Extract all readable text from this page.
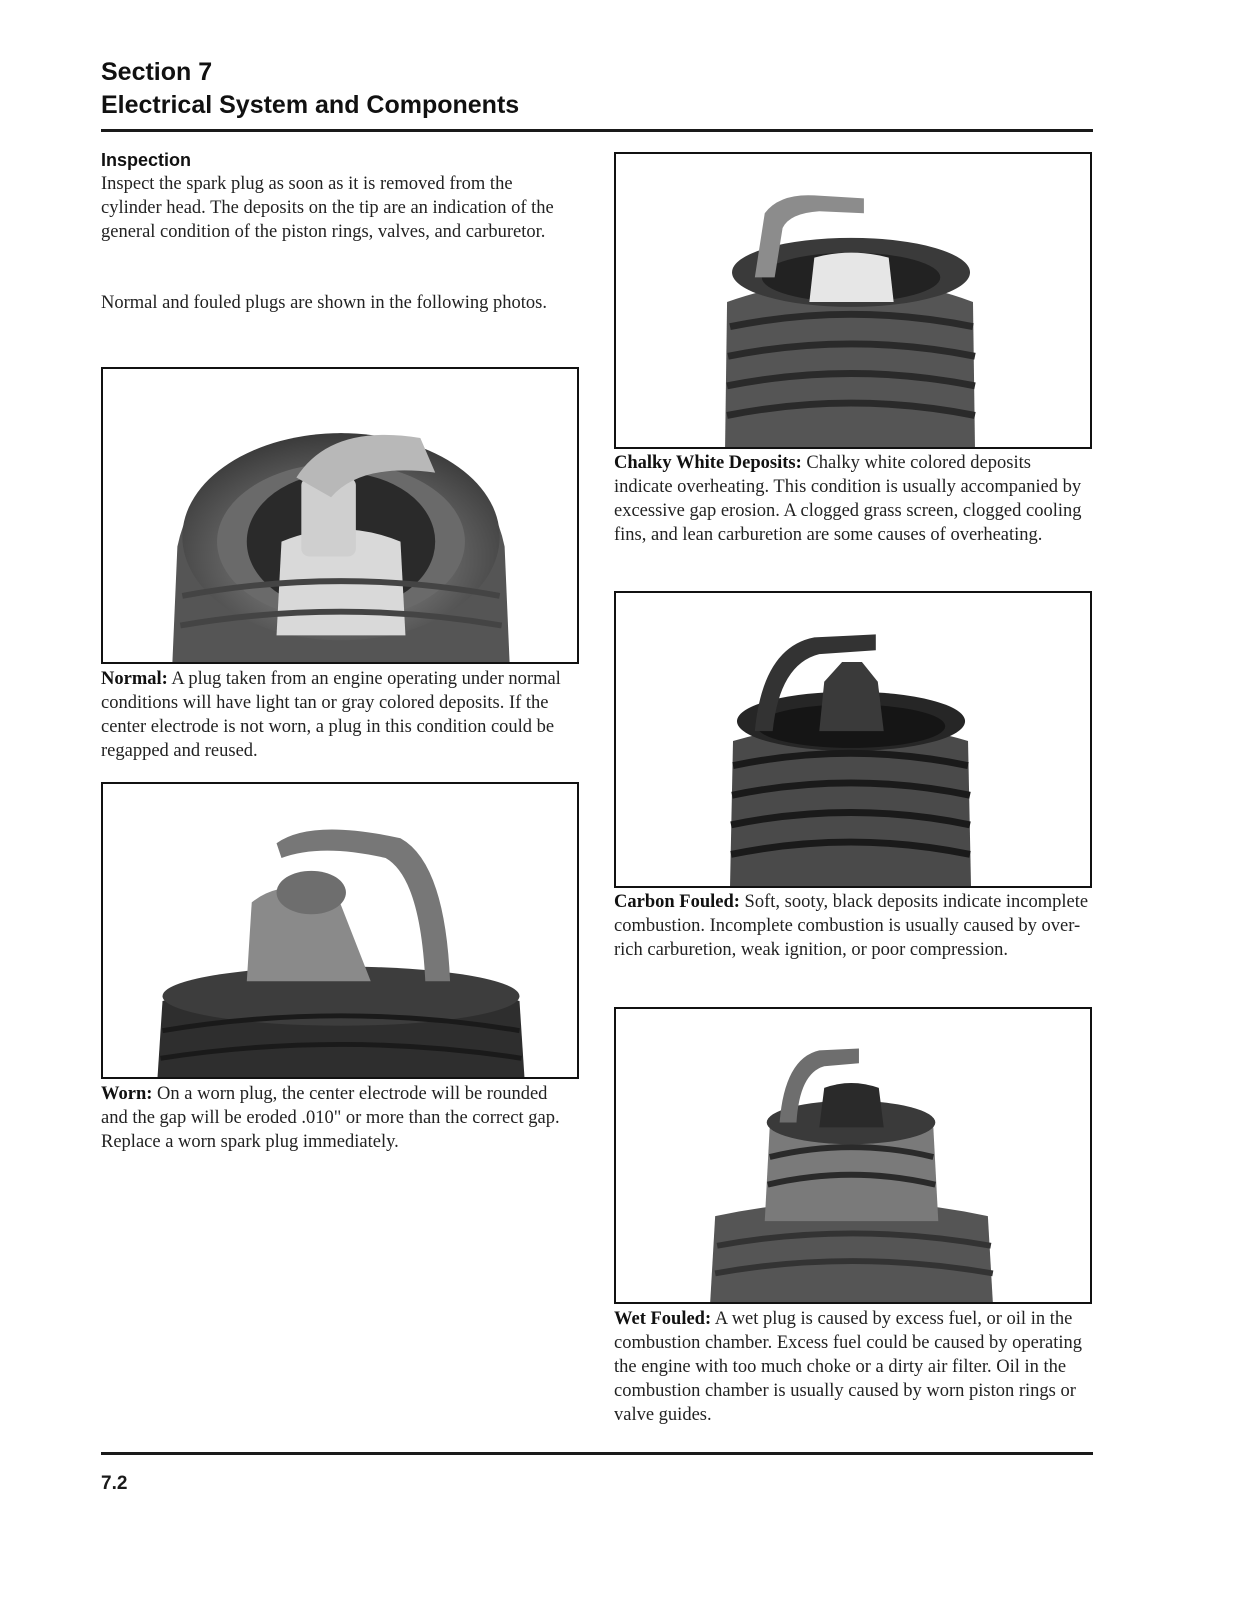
Section 7
Electrical System and Components
Inspection
Inspect the spark plug as soon as it is removed from the cylinder head. The deposits on the tip are an indication of the general condition of the piston rings, valves, and carburetor.
Normal and fouled plugs are shown in the following photos.
Normal: A plug taken from an engine operating under normal conditions will have light tan or gray colored deposits. If the center electrode is not worn, a plug in this condition could be regapped and reused.
Worn: On a worn plug, the center electrode will be rounded and the gap will be eroded .010" or more than the correct gap. Replace a worn spark plug immediately.
Chalky White Deposits: Chalky white colored deposits indicate overheating. This condition is usually accompanied by excessive gap erosion. A clogged grass screen, clogged cooling fins, and lean carburetion are some causes of overheating.
Carbon Fouled: Soft, sooty, black deposits indicate incomplete combustion. Incomplete combustion is usually caused by over-rich carburetion, weak ignition, or poor compression.
Wet Fouled: A wet plug is caused by excess fuel, or oil in the combustion chamber. Excess fuel could be caused by operating the engine with too much choke or a dirty air filter. Oil in the combustion chamber is usually caused by worn piston rings or valve guides.
7.2
